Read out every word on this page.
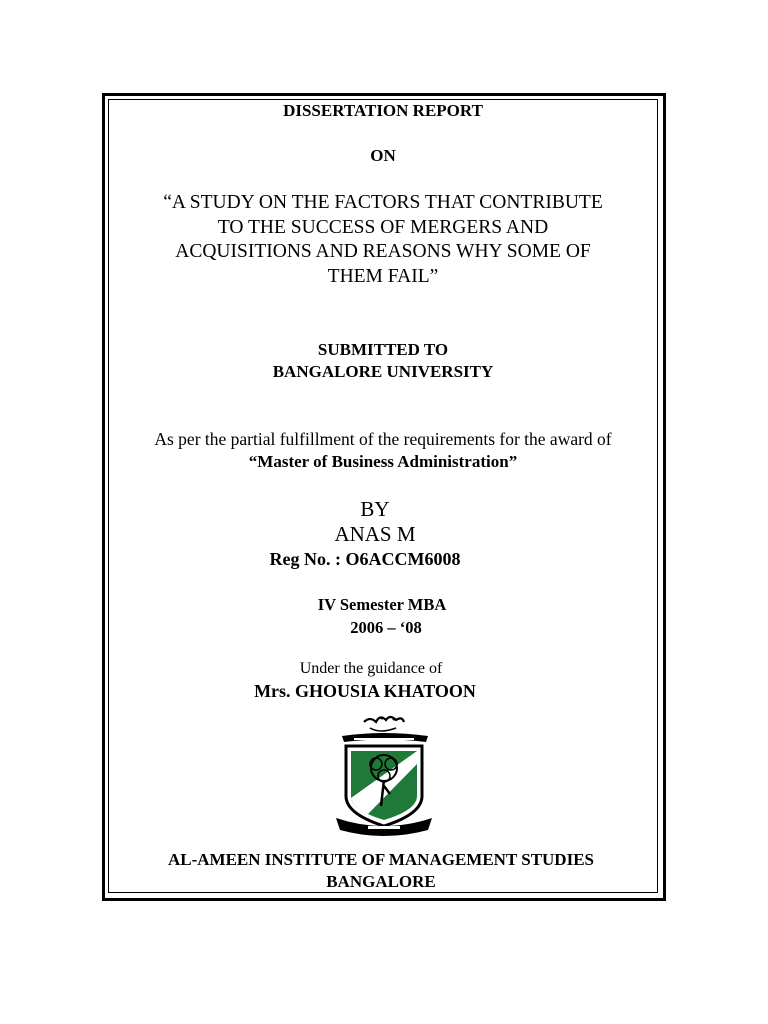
DISSERTATION REPORT
ON
“A STUDY ON THE FACTORS THAT CONTRIBUTE
TO THE SUCCESS OF MERGERS AND
ACQUISITIONS AND REASONS WHY SOME OF
THEM FAIL”
SUBMITTED TO
BANGALORE UNIVERSITY
As per the partial fulfillment of the requirements for the award of
“Master of Business Administration”
BY
ANAS M
Reg No. : O6ACCM6008
IV Semester MBA
2006 – ‘08
Under the guidance of
Mrs. GHOUSIA KHATOON
AL-AMEEN INSTITUTE OF MANAGEMENT STUDIES
BANGALORE
